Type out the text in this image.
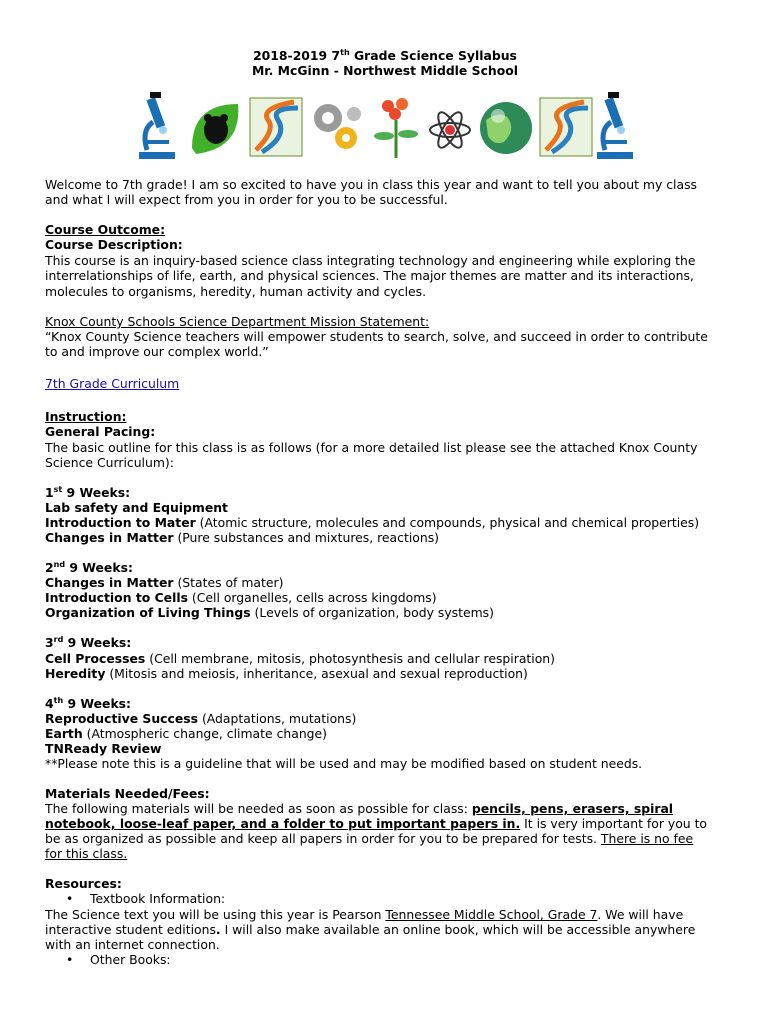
2018-2019 7th Grade Science Syllabus
Mr. McGinn - Northwest Middle School
Welcome to 7th grade! I am so excited to have you in class this year and want to tell you about my class
and what I will expect from you in order for you to be successful.
Course Outcome:
Course Description:
This course is an inquiry-based science class integrating technology and engineering while exploring the
interrelationships of life, earth, and physical sciences. The major themes are matter and its interactions,
molecules to organisms, heredity, human activity and cycles.
Knox County Schools Science Department Mission Statement:
“Knox County Science teachers will empower students to search, solve, and succeed in order to contribute
to and improve our complex world.”
7th Grade Curriculum
Instruction:
General Pacing:
The basic outline for this class is as follows (for a more detailed list please see the attached Knox County
Science Curriculum):
1st 9 Weeks:
Lab safety and Equipment
Introduction to Mater (Atomic structure, molecules and compounds, physical and chemical properties)
Changes in Matter (Pure substances and mixtures, reactions)
2nd 9 Weeks:
Changes in Matter (States of mater)
Introduction to Cells (Cell organelles, cells across kingdoms)
Organization of Living Things (Levels of organization, body systems)
3rd 9 Weeks:
Cell Processes (Cell membrane, mitosis, photosynthesis and cellular respiration)
Heredity (Mitosis and meiosis, inheritance, asexual and sexual reproduction)
4th 9 Weeks:
Reproductive Success (Adaptations, mutations)
Earth (Atmospheric change, climate change)
TNReady Review
**Please note this is a guideline that will be used and may be modified based on student needs.
Materials Needed/Fees:
The following materials will be needed as soon as possible for class: pencils, pens, erasers, spiral
notebook, loose-leaf paper, and a folder to put important papers in. It is very important for you to
be as organized as possible and keep all papers in order for you to be prepared for tests. There is no fee
for this class.
Resources:
• Textbook Information:
The Science text you will be using this year is Pearson Tennessee Middle School, Grade 7. We will have
interactive student editions. I will also make available an online book, which will be accessible anywhere
with an internet connection.
• Other Books:
